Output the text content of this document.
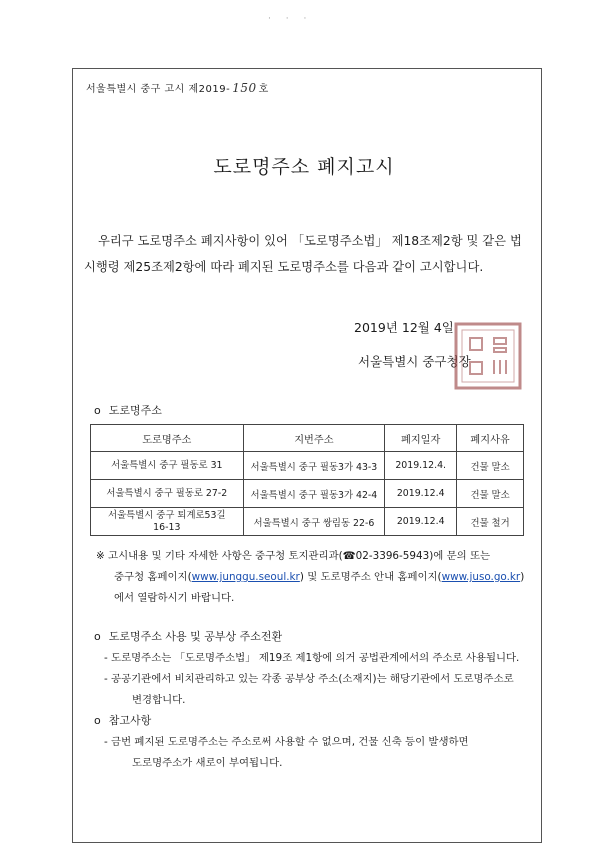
· · ·
서울특별시 중구 고시 제2019- 150 호
도로명주소 폐지고시

우리구 도로명주소 폐지사항이 있어 「도로명주소법」 제18조제2항 및 같은 법

시행령 제25조제2항에 따라 폐지된 도로명주소를 다음과 같이 고시합니다.
2019년 12월 4일
서울특별시 중구청장
o 도로명주소
도로명주소	지번주소	폐지일자	폐지사유
서울특별시 중구 필동로 31	서울특별시 중구 필동3가 43-3	2019.12.4.	건물 말소
서울특별시 중구 필동로 27-2	서울특별시 중구 필동3가 42-4	2019.12.4	건물 말소
서울특별시 중구 퇴계로53길
16-13	서울특별시 중구 쌍림동 22-6	2019.12.4	건물 철거
※ 고시내용 및 기타 자세한 사항은 중구청 토지관리과(☎02-3396-5943)에 문의 또는
중구청 홈페이지(www.junggu.seoul.kr) 및 도로명주소 안내 홈페이지(www.juso.go.kr)
에서 열람하시기 바랍니다.
o 도로명주소 사용 및 공부상 주소전환
- 도로명주소는 「도로명주소법」 제19조 제1항에 의거 공법관계에서의 주소로 사용됩니다.
- 공공기관에서 비치관리하고 있는 각종 공부상 주소(소재지)는 해당기관에서 도로명주소로
변경합니다.
o 참고사항
- 금번 폐지된 도로명주소는 주소로써 사용할 수 없으며, 건물 신축 등이 발생하면
도로명주소가 새로이 부여됩니다.
